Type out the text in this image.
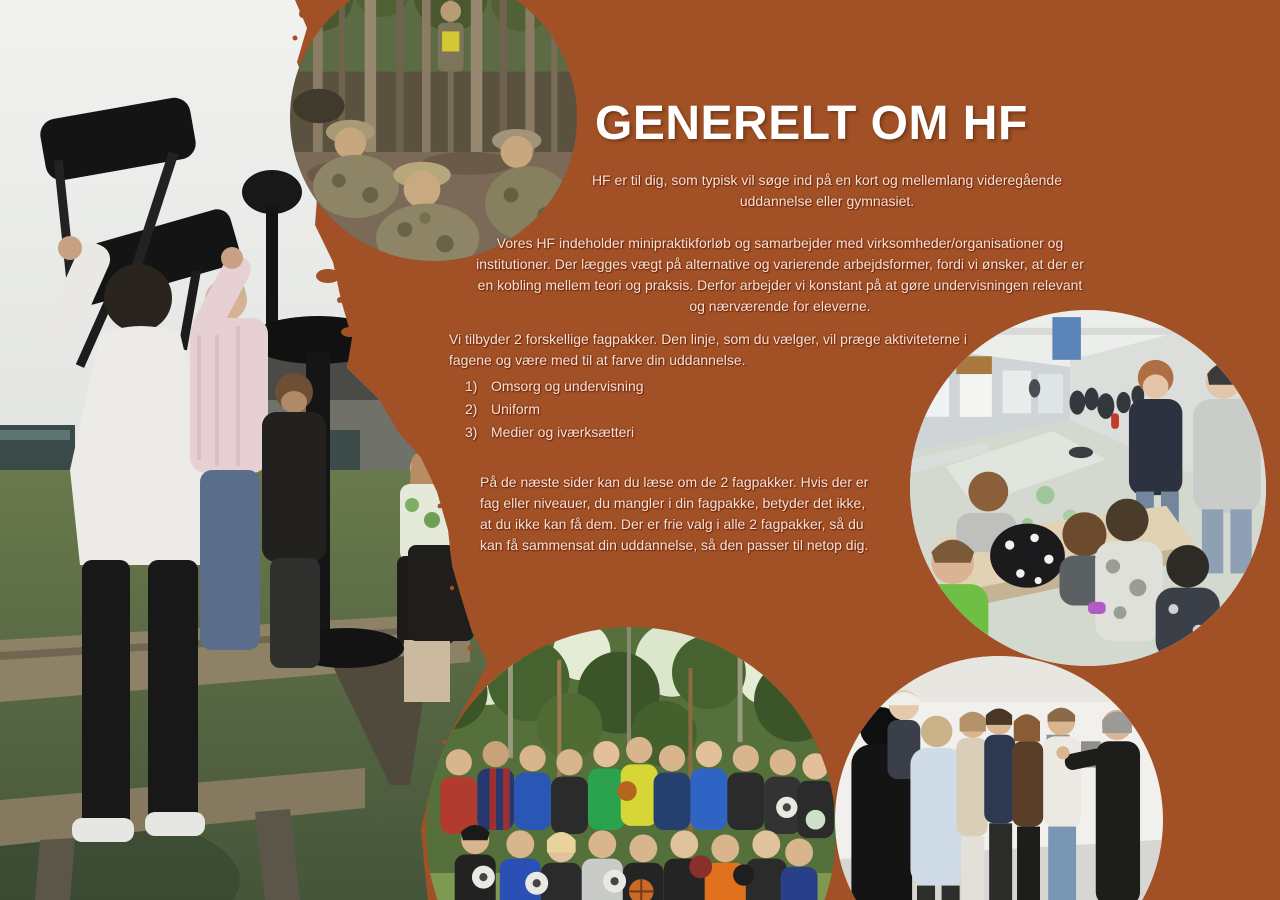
GENERELT OM HF

HF er til dig, som typisk vil søge ind på en kort og mellemlang videregående uddannelse eller gymnasiet.

Vores HF indeholder minipraktikforløb og samarbejder med virksomheder/organisationer og institutioner. Der lægges vægt på alternative og varierende arbejdsformer, fordi vi ønsker, at der er en kobling mellem teori og praksis. Derfor arbejder vi konstant på at gøre undervisningen relevant og nærværende for eleverne.

Vi tilbyder 2 forskellige fagpakker. Den linje, som du vælger, vil præge aktiviteterne i fagene og være med til at farve din uddannelse.

1) Omsorg og undervisning
2) Uniform
3) Medier og iværksætteri

På de næste sider kan du læse om de 2 fagpakker. Hvis der er fag eller niveauer, du mangler i din fagpakke, betyder det ikke, at du ikke kan få dem. Der er frie valg i alle 2 fagpakker, så du kan få sammensat din uddannelse, så den passer til netop dig.
